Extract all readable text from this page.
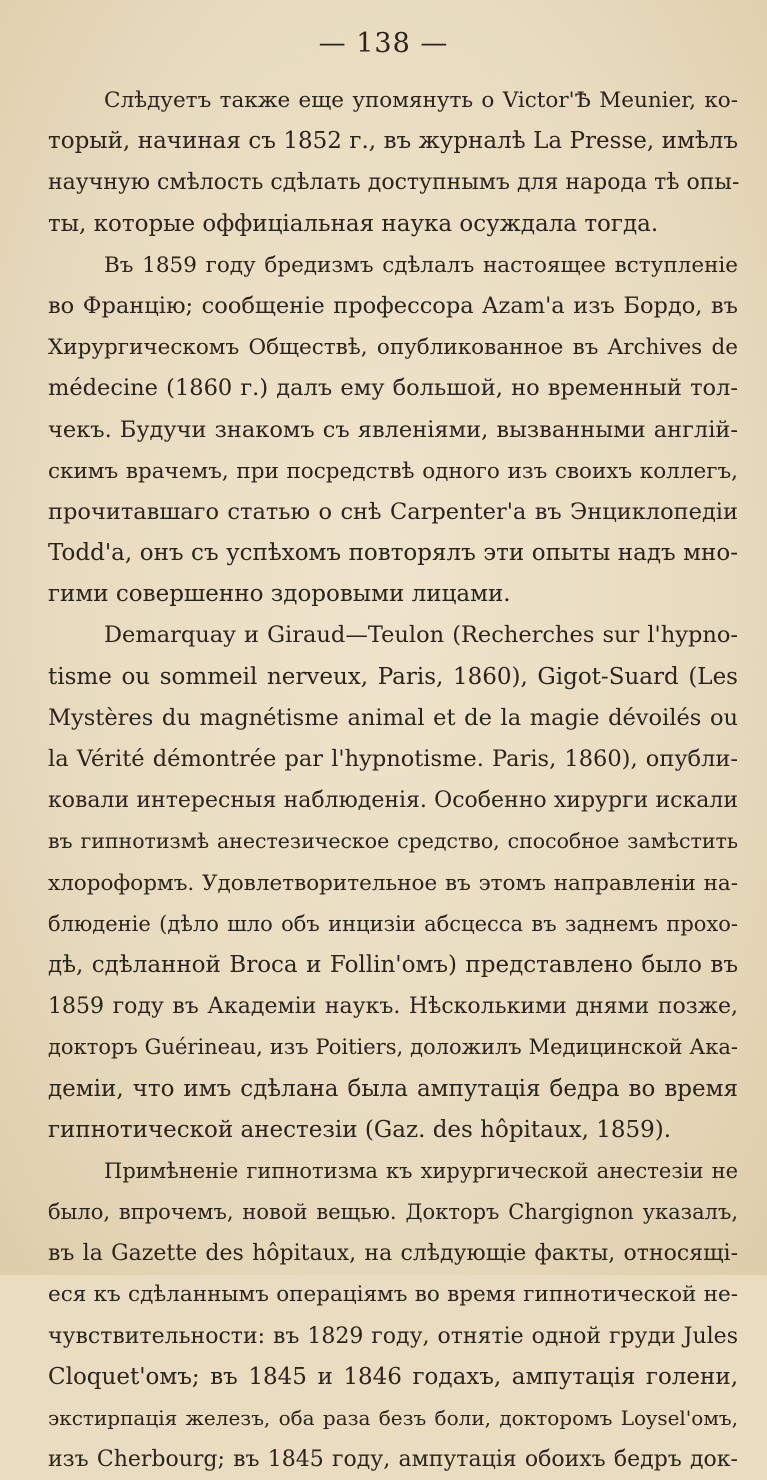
— 138 —

Слѣдуетъ также еще упомянуть о Victor'Ѣ Meunier, ко-
торый, начиная съ 1852 г., въ журналѣ La Presse, имѣлъ
научную смѣлость сдѣлать доступнымъ для народа тѣ опы-
ты, которые оффиціальная наука осуждала тогда.

Въ 1859 году бредизмъ сдѣлалъ настоящее вступленіе
во Францію; сообщеніе профессора Azam'a изъ Бордо, въ
Хирургическомъ Обществѣ, опубликованное въ Archives de
médecine (1860 г.) далъ ему большой, но временный тол-
чекъ. Будучи знакомъ съ явленіями, вызванными англій-
скимъ врачемъ, при посредствѣ одного изъ своихъ коллегъ,
прочитавшаго статью о снѣ Carpenter'a въ Энциклопедіи
Todd'a, онъ съ успѣхомъ повторялъ эти опыты надъ мно-
гими совершенно здоровыми лицами.

Demarquay и Giraud—Teulon (Recherches sur l'hypno-
tisme ou sommeil nerveux, Paris, 1860), Gigot-Suard (Les
Mystères du magnétisme animal et de la magie dévoilés ou
la Vérité démontrée par l'hypnotisme. Paris, 1860), опубли-
ковали интересныя наблюденія. Особенно хирурги искали
въ гипнотизмѣ анестезическое средство, способное замѣстить
хлороформъ. Удовлетворительное въ этомъ направленіи на-
блюденіе (дѣло шло объ инцизіи абсцесса въ заднемъ прохо-
дѣ, сдѣланной Broca и Follin'омъ) представлено было въ
1859 году въ Академіи наукъ. Нѣсколькими днями позже,
докторъ Guérineau, изъ Poitiers, доложилъ Медицинской Ака-
деміи, что имъ сдѣлана была ампутація бедра во время
гипнотической анестезіи (Gaz. des hôpitaux, 1859).

Примѣненіе гипнотизма къ хирургической анестезіи не
было, впрочемъ, новой вещью. Докторъ Chargignon указалъ,
въ la Gazette des hôpitaux, на слѣдующіе факты, относящі-
еся къ сдѣланнымъ операціямъ во время гипнотической не-
чувствительности: въ 1829 году, отнятіе одной груди Jules
Cloquet'омъ; въ 1845 и 1846 годахъ, ампутація голени,
экстирпація железъ, оба раза безъ боли, докторомъ Loysel'омъ,
изъ Cherbourg; въ 1845 году, ампутація обоихъ бедръ док-
